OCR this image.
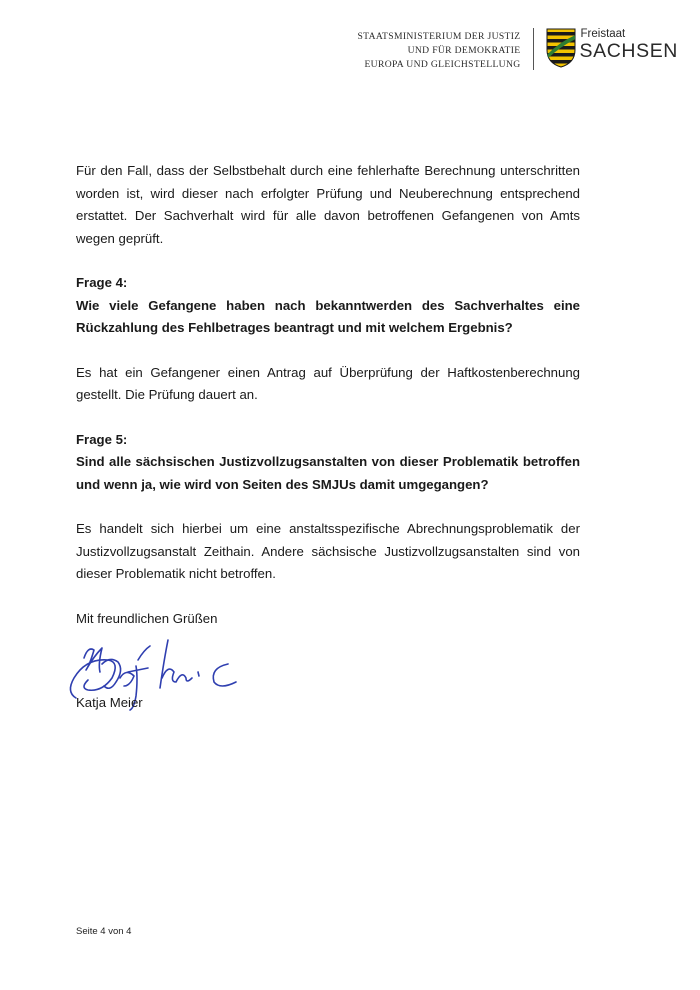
STAATSMINISTERIUM DER JUSTIZ
UND FÜR DEMOKRATIE
EUROPA UND GLEICHSTELLUNG
Freistaat
SACHSEN

Für den Fall, dass der Selbstbehalt durch eine fehlerhafte Berechnung unterschritten worden ist, wird dieser nach erfolgter Prüfung und Neuberechnung entsprechend erstattet. Der Sachverhalt wird für alle davon betroffenen Gefangenen von Amts wegen geprüft.

Frage 4:

Wie viele Gefangene haben nach bekanntwerden des Sachverhaltes eine Rückzahlung des Fehlbetrages beantragt und mit welchem Ergebnis?

Es hat ein Gefangener einen Antrag auf Überprüfung der Haftkostenberechnung gestellt. Die Prüfung dauert an.

Frage 5:

Sind alle sächsischen Justizvollzugsanstalten von dieser Problematik betroffen und wenn ja, wie wird von Seiten des SMJUs damit umgegangen?

Es handelt sich hierbei um eine anstaltsspezifische Abrechnungsproblematik der Justizvollzugsanstalt Zeithain. Andere sächsische Justizvollzugsanstalten sind von dieser Problematik nicht betroffen.

Mit freundlichen Grüßen

Katja Meier
Seite 4 von 4
